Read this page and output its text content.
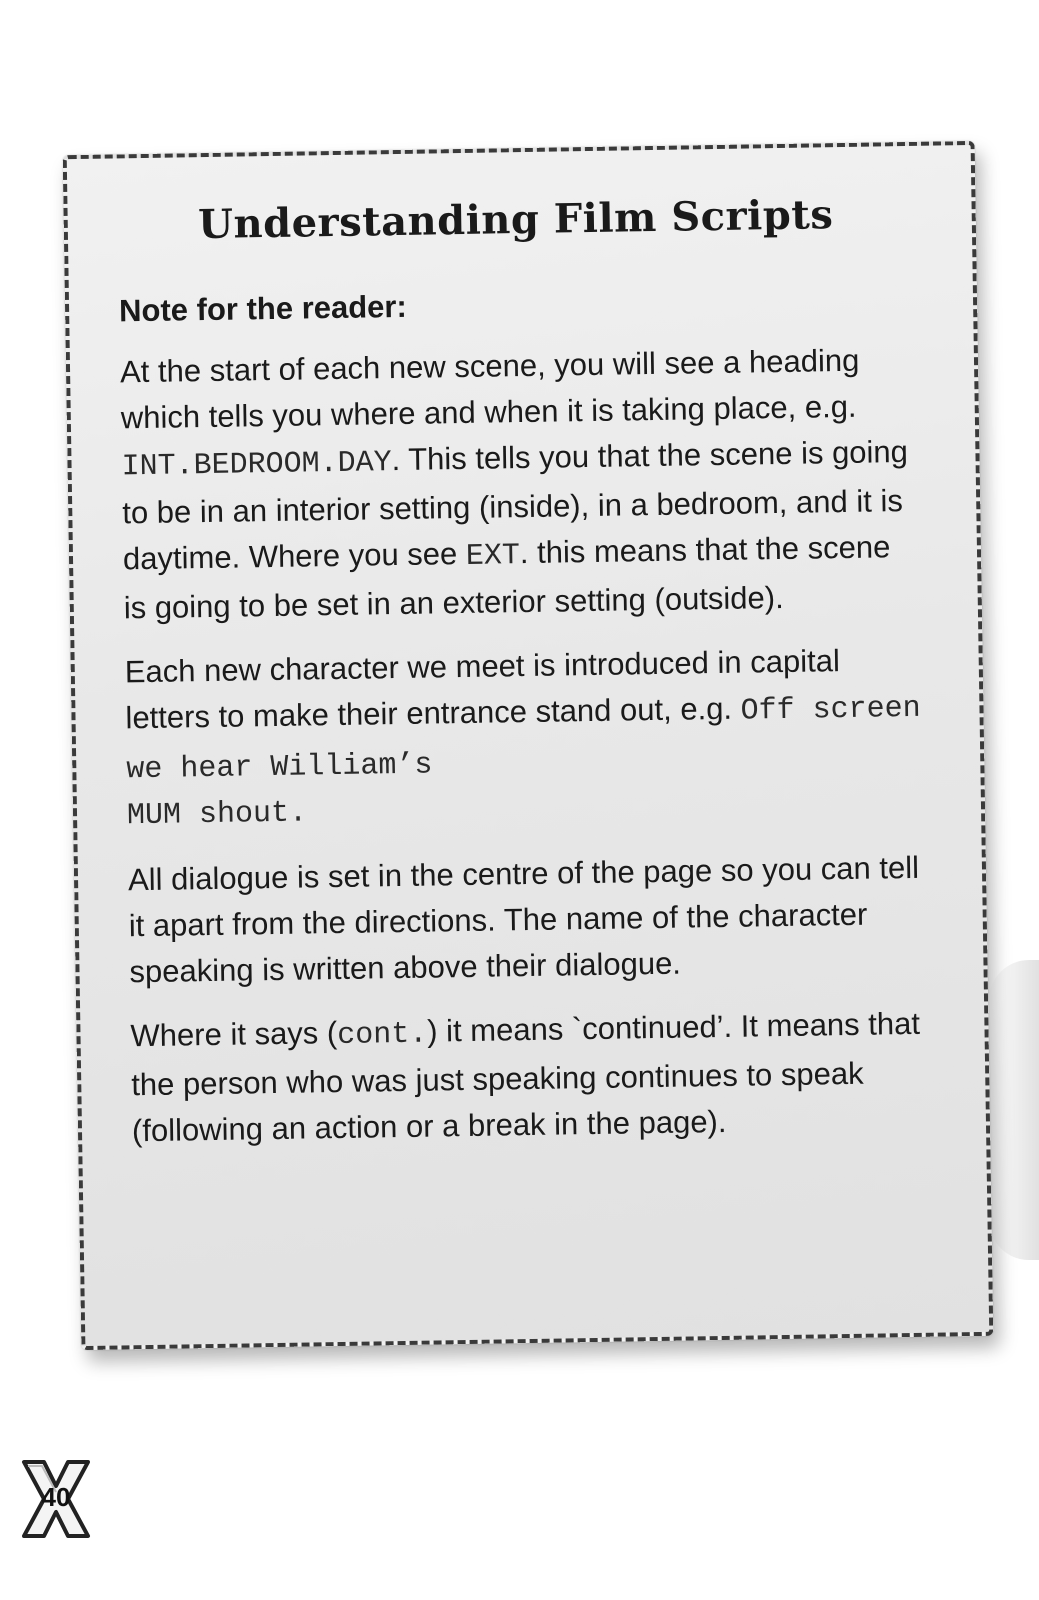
Understanding Film Scripts
Note for the reader:

At the start of each new scene, you will see a heading which tells you where and when it is taking place, e.g. INT.BEDROOM.DAY. This tells you that the scene is going to be in an interior setting (inside), in a bedroom, and it is daytime. Where you see EXT. this means that the scene is going to be set in an exterior setting (outside).

Each new character we meet is introduced in capital letters to make their entrance stand out, e.g. Off screen we hear William’s
MUM shout.

All dialogue is set in the centre of the page so you can tell it apart from the directions. The name of the character speaking is written above their dialogue.

Where it says (cont.) it means `continued’. It means that the person who was just speaking continues to speak (following an action or a break in the page).

40
